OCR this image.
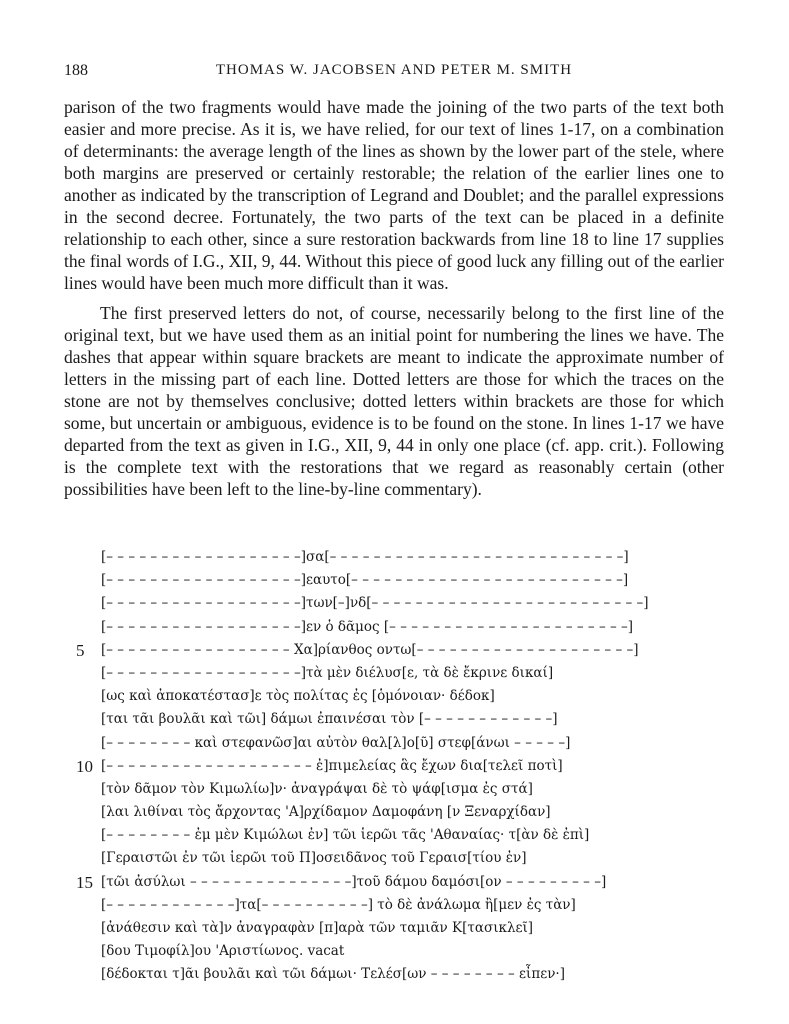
188	THOMAS W. JACOBSEN AND PETER M. SMITH

parison of the two fragments would have made the joining of the two parts of the text both easier and more precise. As it is, we have relied, for our text of lines 1-17, on a combination of determinants: the average length of the lines as shown by the lower part of the stele, where both margins are preserved or certainly restorable; the relation of the earlier lines one to another as indicated by the transcription of Legrand and Doublet; and the parallel expressions in the second decree. Fortunately, the two parts of the text can be placed in a definite relationship to each other, since a sure restoration backwards from line 18 to line 17 supplies the final words of I.G., XII, 9, 44. Without this piece of good luck any filling out of the earlier lines would have been much more difficult than it was.

The first preserved letters do not, of course, necessarily belong to the first line of the original text, but we have used them as an initial point for numbering the lines we have. The dashes that appear within square brackets are meant to indicate the approximate number of letters in the missing part of each line. Dotted letters are those for which the traces on the stone are not by themselves conclusive; dotted letters within brackets are those for which some, but uncertain or ambiguous, evidence is to be found on the stone. In lines 1-17 we have departed from the text as given in I.G., XII, 9, 44 in only one place (cf. app. crit.). Following is the complete text with the restorations that we regard as reasonably certain (other possibilities have been left to the line-by-line commentary).

[– – – – – – – – – – – – – – – – – –]σα[– – – – – – – – – – – – – – – – – – – – – – – – – – –]
[– – – – – – – – – – – – – – – – – –]εαυτο[– – – – – – – – – – – – – – – – – – – – – – – – –]
[– – – – – – – – – – – – – – – – – –]των[–]νδ[– – – – – – – – – – – – – – – – – – – – – – – – –]
[– – – – – – – – – – – – – – – – – –]εν ὁ δᾶμος [– – – – – – – – – – – – – – – – – – – – – –]
5 [– – – – – – – – – – – – – – – – – Χα]ρίανθος οντω[– – – – – – – – – – – – – – – – – – – –]
[– – – – – – – – – – – – – – – – – –]τὰ μὲν διέλυσ[ε, τὰ δὲ ἔκρινε δικαί]
[ως καὶ ἀποκατέστασ]ε τὸς πολίτας ἐς [ὁμόνοιαν· δέδοκ]
[ται τᾶι βουλᾶι καὶ τῶι] δάμωι ἐπαινέσαι τὸν [– – – – – – – – – – – –]
[– – – – – – – – καὶ στεφανῶσ]αι αὐτὸν θαλ[λ]ο[ῦ] στεφ[άνωι – – – – –]
10 [– – – – – – – – – – – – – – – – – – – ἐ]πιμελείας ἃς ἔχων δια[τελεῖ ποτὶ]
[τὸν δᾶμον τὸν Κιμωλίω]ν· ἀναγράψαι δὲ τὸ ψάφ[ισμα ἐς στά]
[λαι λιθίναι τὸς ἄρχοντας 'Α]ρχίδαμον Δαμοφάνη [ν Ξεναρχίδαν]
[– – – – – – – – ἐμ μὲν Κιμώλωι ἐν] τῶι ἱερῶι τᾶς 'Αθαναίας· τ[ὰν δὲ ἐπὶ]
[Γεραιστῶι ἐν τῶι ἱερῶι τοῦ Π]οσειδᾶνος τοῦ Γεραισ[τίου ἐν]
15 [τῶι ἀσύλωι – – – – – – – – – – – – – – –]τοῦ δάμου δαμόσι[ον – – – – – – – – –]
[– – – – – – – – – – – –]τα[– – – – – – – – – –] τὸ δὲ ἀνάλωμα ἢ[μεν ἐς τὰν]
[ἀνάθεσιν καὶ τὰ]ν ἀναγραφὰν [π]αρὰ τῶν ταμιᾶν Κ[τασικλεῖ]
[δου Τιμοφίλ]ου 'Αριστίωνος. vacat
[δέδοκται τ]ᾶι βουλᾶι καὶ τῶι δάμωι· Τελέσ[ων – – – – – – – – εἶπεν·]
